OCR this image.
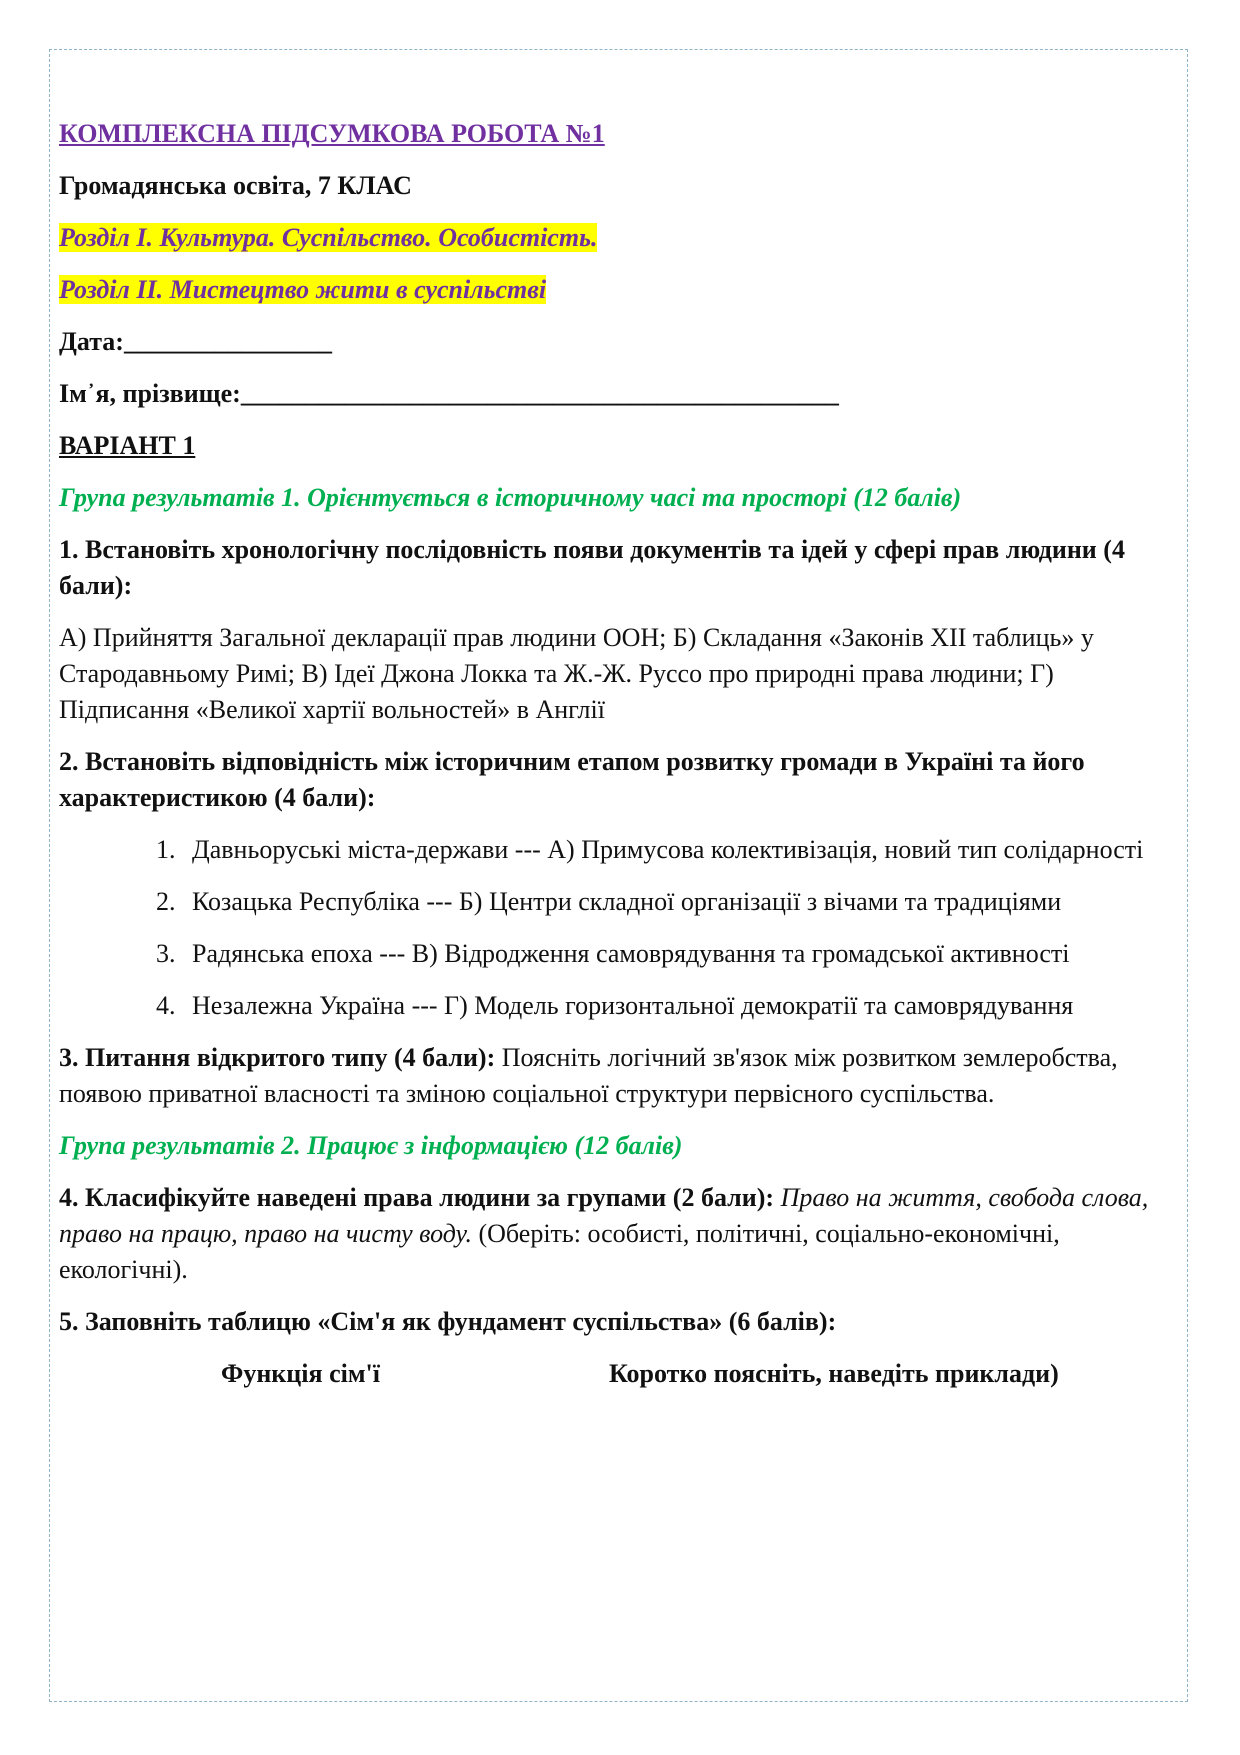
КОМПЛЕКСНА ПІДСУМКОВА РОБОТА №1
Громадянська освіта, 7 КЛАС
Розділ І. Культура. Суспільство. Особистість.
Розділ ІІ. Мистецтво жити в суспільстві
Дата:________________
Ім᾿я, прізвище:______________________________________________
ВАРІАНТ 1
Група результатів 1. Орієнтується в історичному часі та просторі (12 балів)
1. Встановіть хронологічну послідовність появи документів та ідей у сфері прав людини (4 бали):
А) Прийняття Загальної декларації прав людини ООН; Б) Складання «Законів XII таблиць» у Стародавньому Римі; В) Ідеї Джона Локка та Ж.-Ж. Руссо про природні права людини; Г) Підписання «Великої хартії вольностей» в Англії
2. Встановіть відповідність між історичним етапом розвитку громади в Україні та його характеристикою (4 бали):
1. Давньоруські міста-держави --- А) Примусова колективізація, новий тип солідарності
2. Козацька Республіка --- Б) Центри складної організації з вічами та традиціями
3. Радянська епоха --- В) Відродження самоврядування та громадської активності
4. Незалежна Україна --- Г) Модель горизонтальної демократії та самоврядування
3. Питання відкритого типу (4 бали): Поясніть логічний зв'язок між розвитком землеробства, появою приватної власності та зміною соціальної структури первісного суспільства.
Група результатів 2. Працює з інформацією (12 балів)
4. Класифікуйте наведені права людини за групами (2 бали): Право на життя, свобода слова, право на працю, право на чисту воду. (Оберіть: особисті, політичні, соціально-економічні, екологічні).
5. Заповніть таблицю «Сім'я як фундамент суспільства» (6 балів):
Функція сім'ї	Коротко поясніть, наведіть приклади)
